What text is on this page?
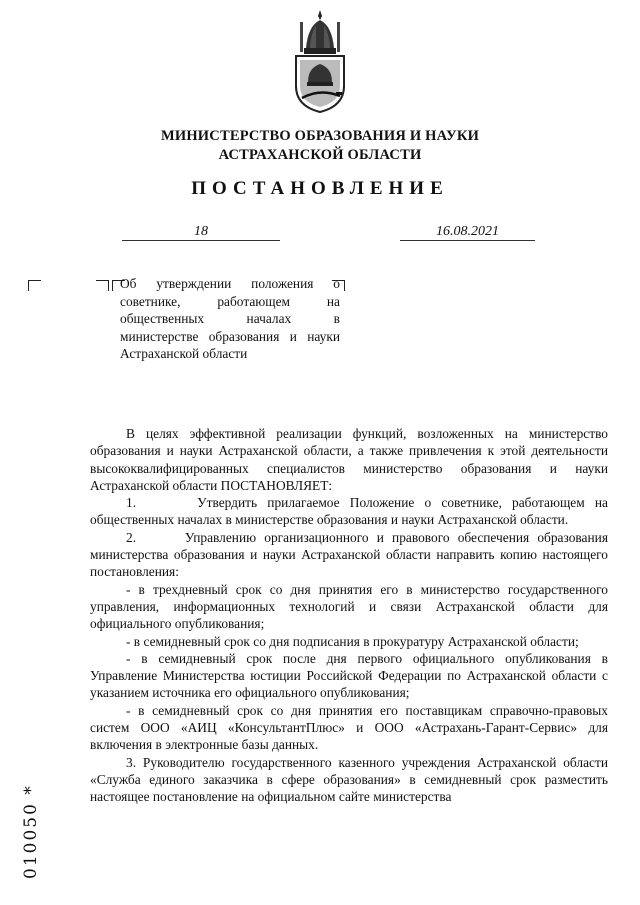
МИНИСТЕРСТВО ОБРАЗОВАНИЯ И НАУКИ
АСТРАХАНСКОЙ ОБЛАСТИ
ПОСТАНОВЛЕНИЕ
18	16.08.2021
Об утверждении положения о советнике, работающем на общественных началах в министерстве образования и науки Астраханской области

В целях эффективной реализации функций, возложенных на министерство образования и науки Астраханской области, а также привлечения к этой деятельности высококвалифицированных специалистов министерство образования и науки Астраханской области ПОСТАНОВЛЯЕТ:

1.      Утвердить прилагаемое Положение о советнике, работающем на общественных началах в министерстве образования и науки Астраханской области.

2.      Управлению организационного и правового обеспечения образования министерства образования и науки Астраханской области направить копию настоящего постановления:

- в трехдневный срок со дня принятия его в министерство государственного управления, информационных технологий и связи Астраханской области для официального опубликования;

- в семидневный срок со дня подписания в прокуратуру Астраханской области;

- в семидневный срок после дня первого официального опубликования в Управление Министерства юстиции Российской Федерации по Астраханской области с указанием источника его официального опубликования;

- в семидневный срок со дня принятия его поставщикам справочно-правовых систем ООО «АИЦ «КонсультантПлюс» и ООО «Астрахань-Гарант-Сервис» для включения в электронные базы данных.

3. Руководителю государственного казенного учреждения Астраханской области «Служба единого заказчика в сфере образования» в семидневный срок разместить настоящее постановление на официальном сайте министерства

010050 *
